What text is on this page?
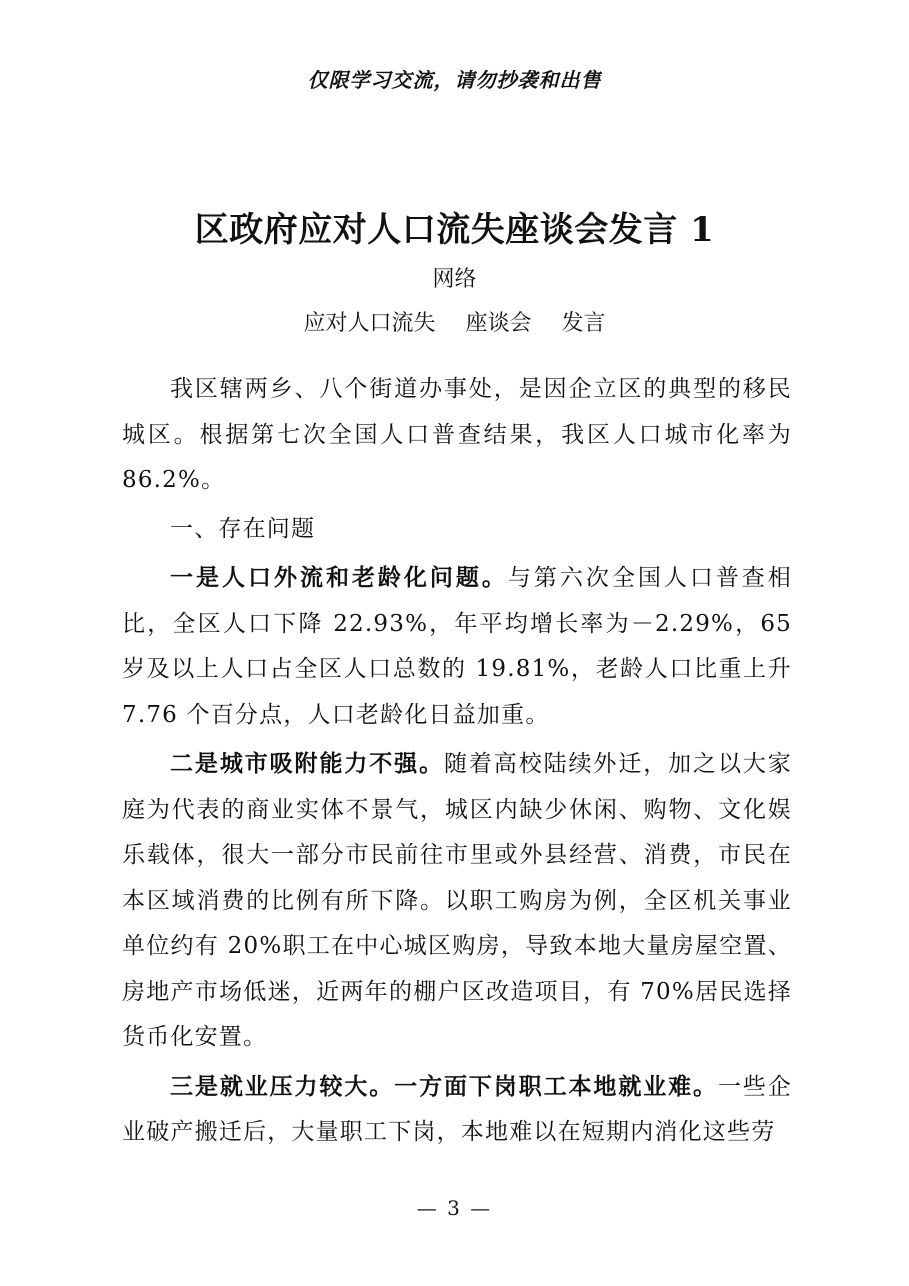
仅限学习交流，请勿抄袭和出售
区政府应对人口流失座谈会发言 1
网络
应对人口流失 座谈会 发言

我区辖两乡、八个街道办事处，是因企立区的典型的移民城区。根据第七次全国人口普查结果，我区人口城市化率为 86.2%。

一、存在问题

一是人口外流和老龄化问题。与第六次全国人口普查相比，全区人口下降 22.93%，年平均增长率为－2.29%，65 岁及以上人口占全区人口总数的 19.81%，老龄人口比重上升 7.76 个百分点，人口老龄化日益加重。

二是城市吸附能力不强。随着高校陆续外迁，加之以大家庭为代表的商业实体不景气，城区内缺少休闲、购物、文化娱乐载体，很大一部分市民前往市里或外县经营、消费，市民在本区域消费的比例有所下降。以职工购房为例，全区机关事业单位约有 20%职工在中心城区购房，导致本地大量房屋空置、房地产市场低迷，近两年的棚户区改造项目，有 70%居民选择货币化安置。

三是就业压力较大。一方面下岗职工本地就业难。一些企业破产搬迁后，大量职工下岗，本地难以在短期内消化这些劳

— 3 —
